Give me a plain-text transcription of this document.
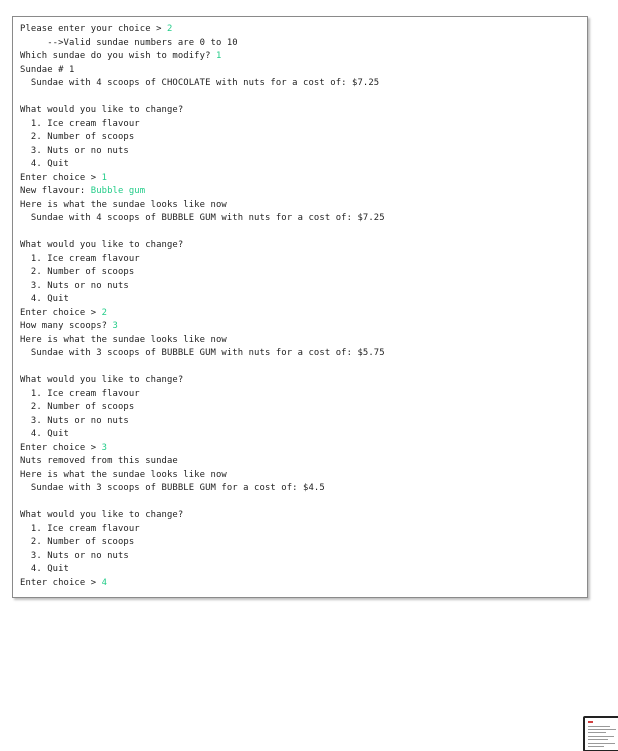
Please enter your choice > 2
-->Valid sundae numbers are 0 to 10
Which sundae do you wish to modify? 1
Sundae # 1
Sundae with 4 scoops of CHOCOLATE with nuts for a cost of: $7.25
What would you like to change?
1. Ice cream flavour
2. Number of scoops
3. Nuts or no nuts
4. Quit
Enter choice > 1
New flavour: Bubble gum
Here is what the sundae looks like now
Sundae with 4 scoops of BUBBLE GUM with nuts for a cost of: $7.25
What would you like to change?
1. Ice cream flavour
2. Number of scoops
3. Nuts or no nuts
4. Quit
Enter choice > 2
How many scoops? 3
Here is what the sundae looks like now
Sundae with 3 scoops of BUBBLE GUM with nuts for a cost of: $5.75
What would you like to change?
1. Ice cream flavour
2. Number of scoops
3. Nuts or no nuts
4. Quit
Enter choice > 3
Nuts removed from this sundae
Here is what the sundae looks like now
Sundae with 3 scoops of BUBBLE GUM for a cost of: $4.5
What would you like to change?
1. Ice cream flavour
2. Number of scoops
3. Nuts or no nuts
4. Quit
Enter choice > 4
